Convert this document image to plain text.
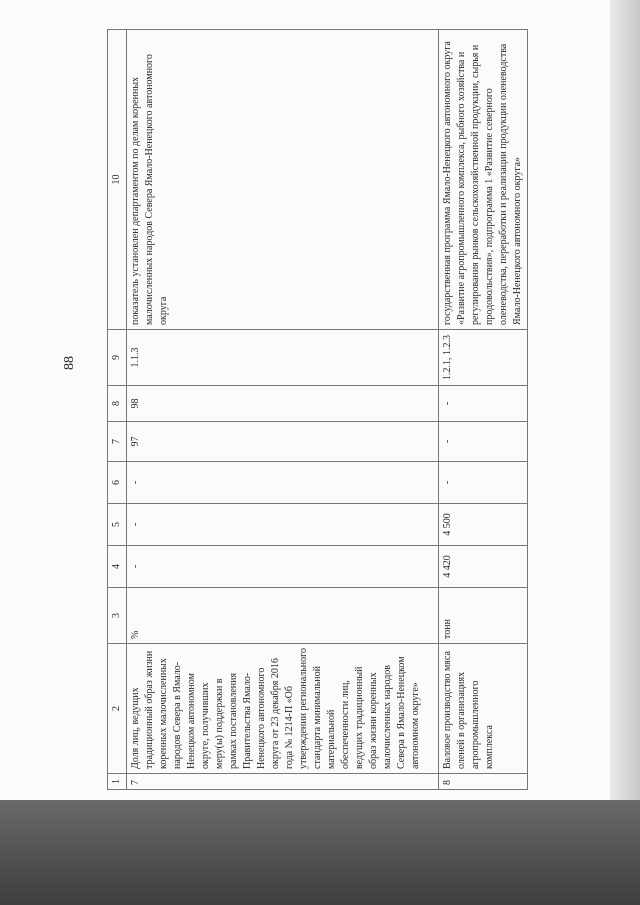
88
1	2	3	4	5	6	7	8	9	10
7	Доля лиц, ведущих традиционный образ жизни коренных малочисленных народов Севера в Ямало-Ненецком автономном округе, получивших меру(ы) поддержки в рамках постановления Правительства Ямало-Ненецкого автономного округа от 23 декабря 2016 года № 1214-П «Об утверждении регионального стандарта минимальной материальной обеспеченности лиц, ведущих традиционный образ жизни коренных малочисленных народов Севера в Ямало-Ненецком автономном округе»	%	-	-	-	97	98	1.1.3	показатель установлен департаментом по делам коренных малочисленных народов Севера Ямало-Ненецкого автономного округа
8	Валовое производство мяса оленей в организациях агропромышленного комплекса	тонн	4 420	4 500	-	-	-	1.2.1, 1.2.3	государственная программа Ямало-Ненецкого автономного округа «Развитие агропромышленного комплекса, рыбного хозяйства и регулирования рынков сельскохозяйственной продукции, сырья и продовольствия», подпрограмма 1 «Развитие северного оленеводства, переработки и реализации продукции оленеводства Ямало-Ненецкого автономного округа»
